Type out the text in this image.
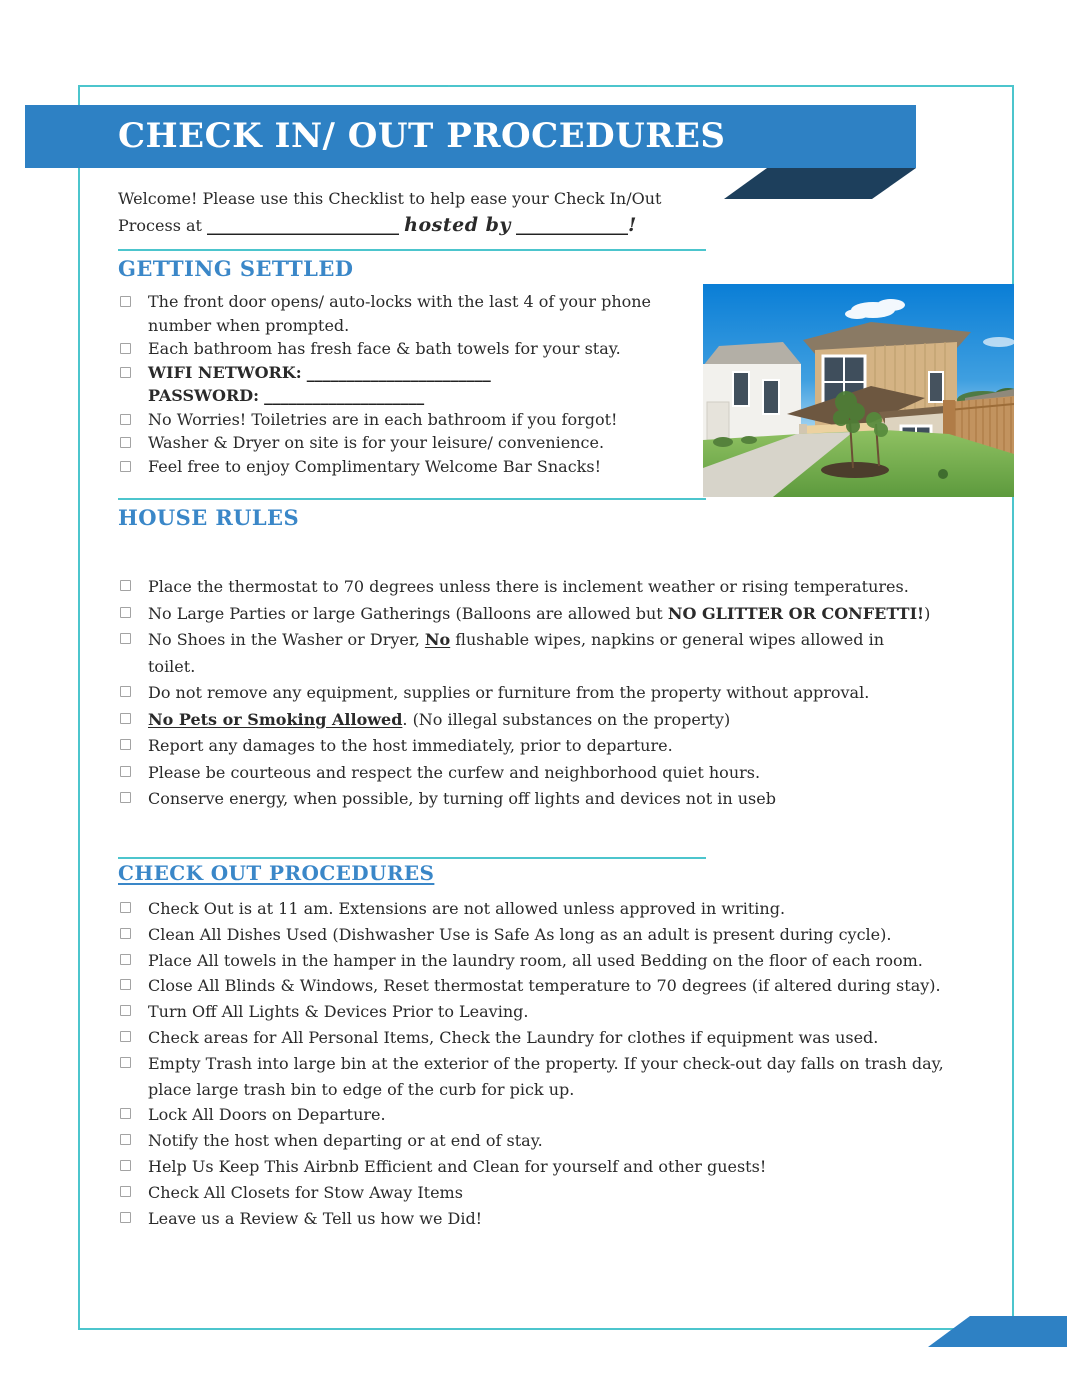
CHECK IN/ OUT PROCEDURES

Welcome! Please use this Checklist to help ease your Check In/Out

Process at ________________________ hosted by ______________!

GETTING SETTLED
The front door opens/ auto-locks with the last 4 of your phone number when prompted.
Each bathroom has fresh face & bath towels for your stay.
WIFI NETWORK: _______________________
PASSWORD: ____________________
No Worries! Toiletries are in each bathroom if you forgot!
Washer & Dryer on site is for your leisure/ convenience.
Feel free to enjoy Complimentary Welcome Bar Snacks!
HOUSE RULES
Place the thermostat to 70 degrees unless there is inclement weather or rising temperatures.
No Large Parties or large Gatherings (Balloons are allowed but NO GLITTER OR CONFETTI!)
No Shoes in the Washer or Dryer, No flushable wipes, napkins or general wipes allowed in toilet.
Do not remove any equipment, supplies or furniture from the property without approval.
No Pets or Smoking Allowed. (No illegal substances on the property)
Report any damages to the host immediately, prior to departure.
Please be courteous and respect the curfew and neighborhood quiet hours.
Conserve energy, when possible, by turning off lights and devices not in useb
CHECK OUT PROCEDURES
Check Out is at 11 am. Extensions are not allowed unless approved in writing.
Clean All Dishes Used (Dishwasher Use is Safe As long as an adult is present during cycle).
Place All towels in the hamper in the laundry room, all used Bedding on the floor of each room.
Close All Blinds & Windows, Reset thermostat temperature to 70 degrees (if altered during stay).
Turn Off All Lights & Devices Prior to Leaving.
Check areas for All Personal Items, Check the Laundry for clothes if equipment was used.
Empty Trash into large bin at the exterior of the property. If your check-out day falls on trash day, place large trash bin to edge of the curb for pick up.
Lock All Doors on Departure.
Notify the host when departing or at end of stay.
Help Us Keep This Airbnb Efficient and Clean for yourself and other guests!
Check All Closets for Stow Away Items
Leave us a Review & Tell us how we Did!
